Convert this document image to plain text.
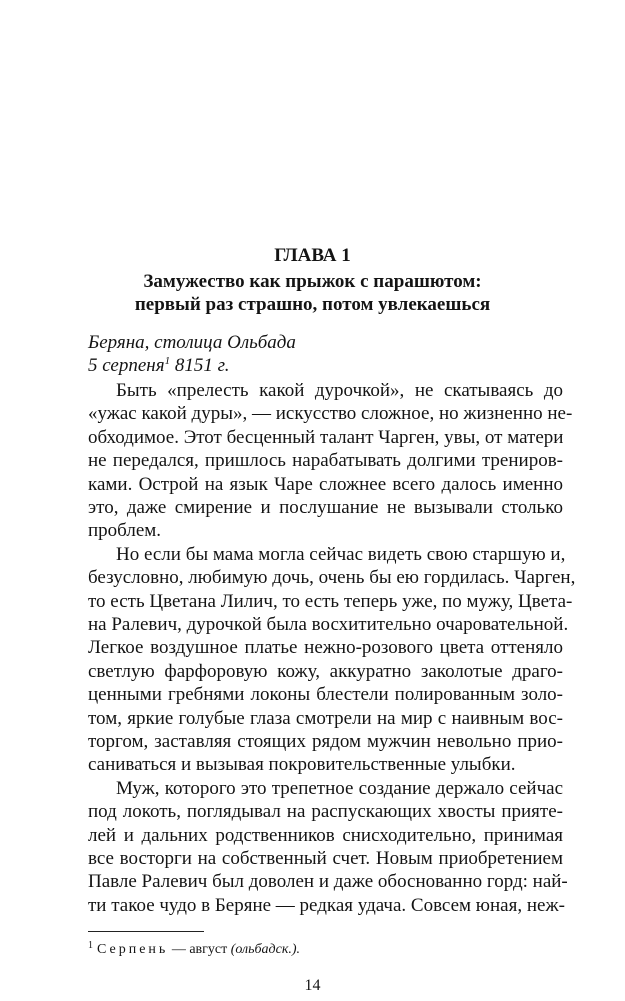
ГЛАВА 1
Замужество как прыжок с парашютом:
первый раз страшно, потом увлекаешься
Беряна, столица Ольбада
5 серпеня$^1$ 8151 г.
Быть «прелесть какой дурочкой», не скатываясь до
«ужас какой дуры», — искусство сложное, но жизненно не-
обходимое. Этот бесценный талант Чарген, увы, от матери
не передался, пришлось нарабатывать долгими трениров-
ками. Острой на язык Чаре сложнее всего далось именно
это, даже смирение и послушание не вызывали столько
проблем.
Но если бы мама могла сейчас видеть свою старшую и,
безусловно, любимую дочь, очень бы ею гордилась. Чарген,
то есть Цветана Лилич, то есть теперь уже, по мужу, Цвета-
на Ралевич, дурочкой была восхитительно очаровательной.
Легкое воздушное платье нежно-розового цвета оттеняло
светлую фарфоровую кожу, аккуратно заколотые драго-
ценными гребнями локоны блестели полированным золо-
том, яркие голубые глаза смотрели на мир с наивным вос-
торгом, заставляя стоящих рядом мужчин невольно прио-
саниваться и вызывая покровительственные улыбки.
Муж, которого это трепетное создание держало сейчас
под локоть, поглядывал на распускающих хвосты прияте-
лей и дальних родственников снисходительно, принимая
все восторги на собственный счет. Новым приобретением
Павле Ралевич был доволен и даже обоснованно горд: най-
ти такое чудо в Беряне — редкая удача. Совсем юная, неж-
$^1$ Серпень — август (ольбадск.).
14
